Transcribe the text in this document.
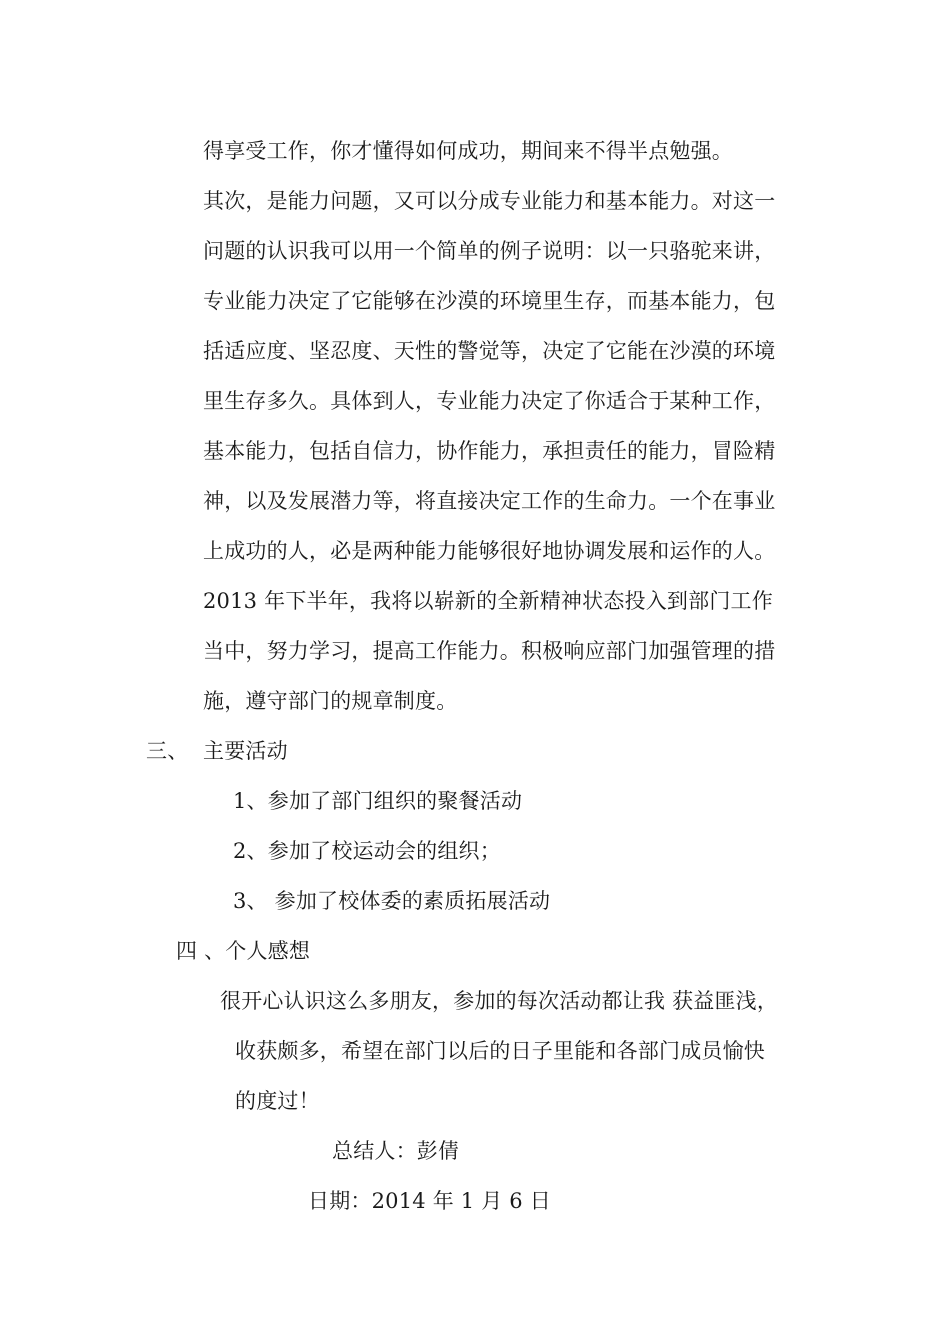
得享受工作，你才懂得如何成功，期间来不得半点勉强。
其次，是能力问题，又可以分成专业能力和基本能力。对这一
问题的认识我可以用一个简单的例子说明：以一只骆驼来讲，
专业能力决定了它能够在沙漠的环境里生存，而基本能力，包
括适应度、坚忍度、天性的警觉等，决定了它能在沙漠的环境
里生存多久。具体到人，专业能力决定了你适合于某种工作，
基本能力，包括自信力，协作能力，承担责任的能力，冒险精
神，以及发展潜力等，将直接决定工作的生命力。一个在事业
上成功的人，必是两种能力能够很好地协调发展和运作的人。
2013 年下半年，我将以崭新的全新精神状态投入到部门工作
当中，努力学习，提高工作能力。积极响应部门加强管理的措
施，遵守部门的规章制度。
三、 主要活动
1、参加了部门组织的聚餐活动
2、参加了校运动会的组织；
3、 参加了校体委的素质拓展活动
四 、个人感想
很开心认识这么多朋友，参加的每次活动都让我 获益匪浅，
收获颇多，希望在部门以后的日子里能和各部门成员愉快
的度过！
总结人：彭倩
日期：2014 年 1 月 6 日
